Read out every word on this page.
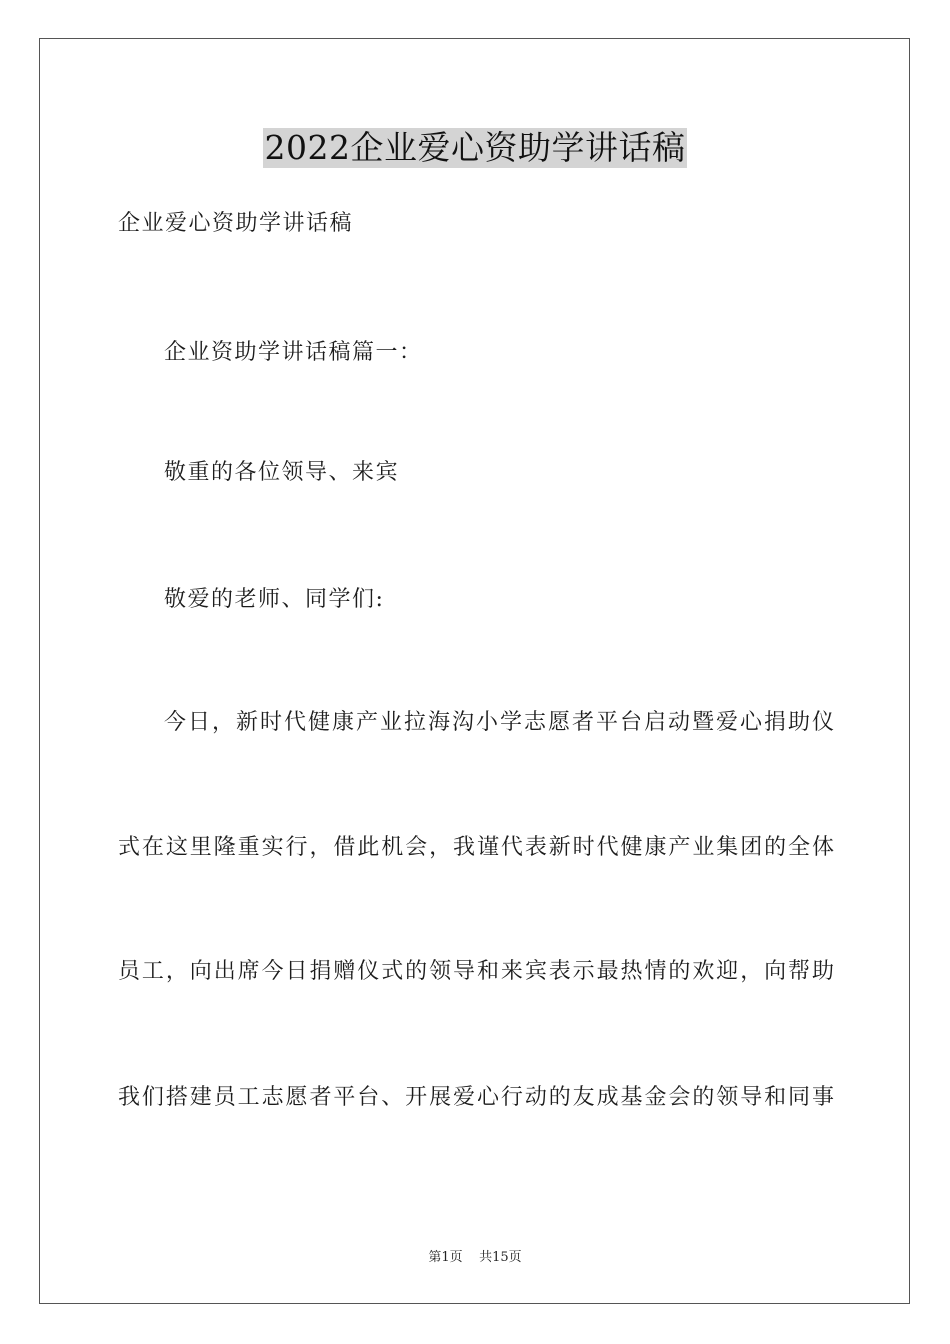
2022企业爱心资助学讲话稿
企业爱心资助学讲话稿
企业资助学讲话稿篇一：
敬重的各位领导、来宾
敬爱的老师、同学们:
今日，新时代健康产业拉海沟小学志愿者平台启动暨爱心捐助仪
式在这里隆重实行，借此机会，我谨代表新时代健康产业集团的全体
员工，向出席今日捐赠仪式的领导和来宾表示最热情的欢迎，向帮助
我们搭建员工志愿者平台、开展爱心行动的友成基金会的领导和同事
第1页 共15页
